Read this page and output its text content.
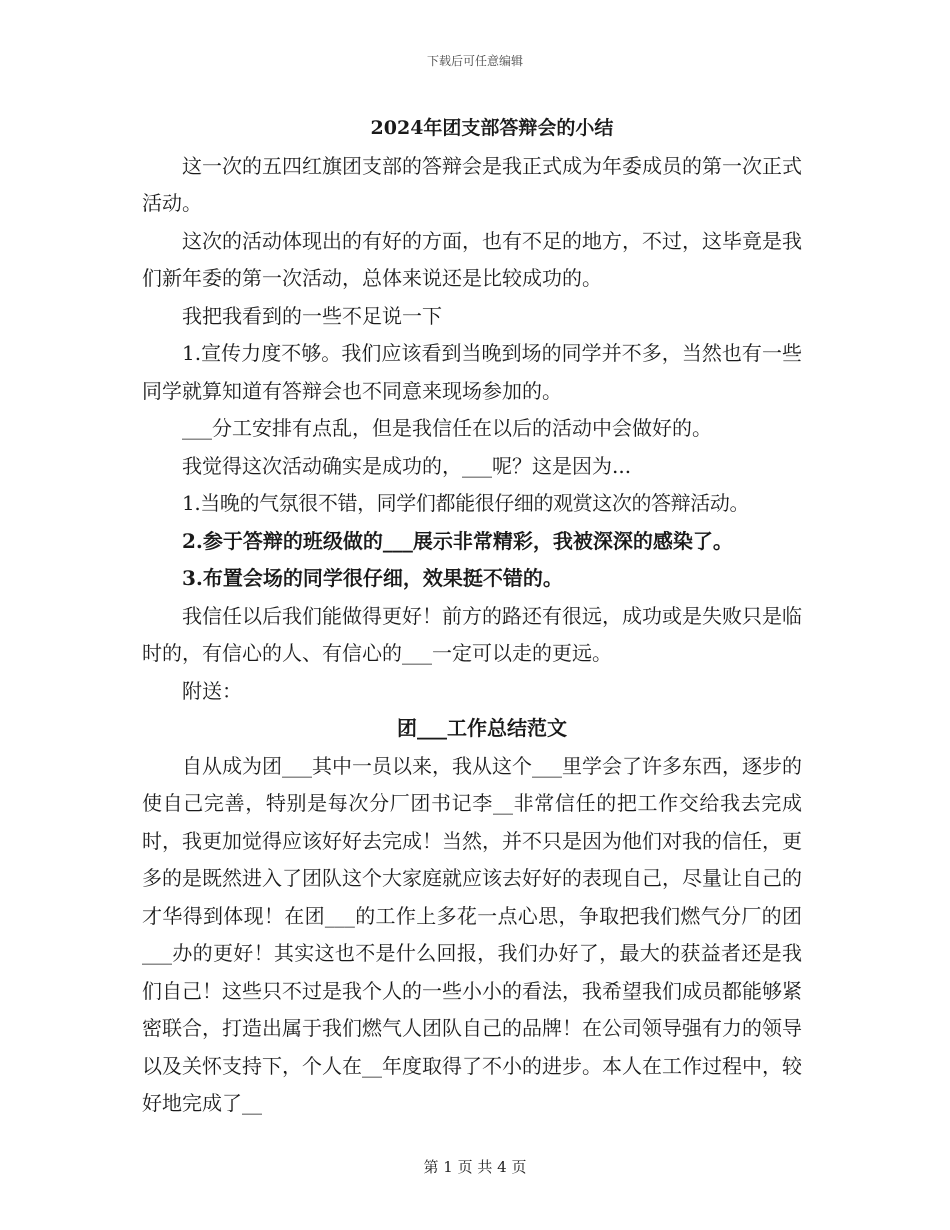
下载后可任意编辑
2024年团支部答辩会的小结

这一次的五四红旗团支部的答辩会是我正式成为年委成员的第一次正式活动。

这次的活动体现出的有好的方面，也有不足的地方，不过，这毕竟是我们新年委的第一次活动，总体来说还是比较成功的。

我把我看到的一些不足说一下

1.宣传力度不够。我们应该看到当晚到场的同学并不多，当然也有一些同学就算知道有答辩会也不同意来现场参加的。

___分工安排有点乱，但是我信任在以后的活动中会做好的。

我觉得这次活动确实是成功的，___呢？这是因为...

1.当晚的气氛很不错，同学们都能很仔细的观赏这次的答辩活动。

2.参于答辩的班级做的___展示非常精彩，我被深深的感染了。

3.布置会场的同学很仔细，效果挺不错的。

我信任以后我们能做得更好！前方的路还有很远，成功或是失败只是临时的，有信心的人、有信心的___一定可以走的更远。

附送：

团___工作总结范文

自从成为团___其中一员以来，我从这个___里学会了许多东西，逐步的使自己完善，特别是每次分厂团书记李__非常信任的把工作交给我去完成时，我更加觉得应该好好去完成！当然，并不只是因为他们对我的信任，更多的是既然进入了团队这个大家庭就应该去好好的表现自己，尽量让自己的才华得到体现！在团___的工作上多花一点心思，争取把我们燃气分厂的团___办的更好！其实这也不是什么回报，我们办好了，最大的获益者还是我们自己！这些只不过是我个人的一些小小的看法，我希望我们成员都能够紧密联合，打造出属于我们燃气人团队自己的品牌！在公司领导强有力的领导以及关怀支持下，个人在__年度取得了不小的进步。本人在工作过程中，较好地完成了__

第 1 页 共 4 页
